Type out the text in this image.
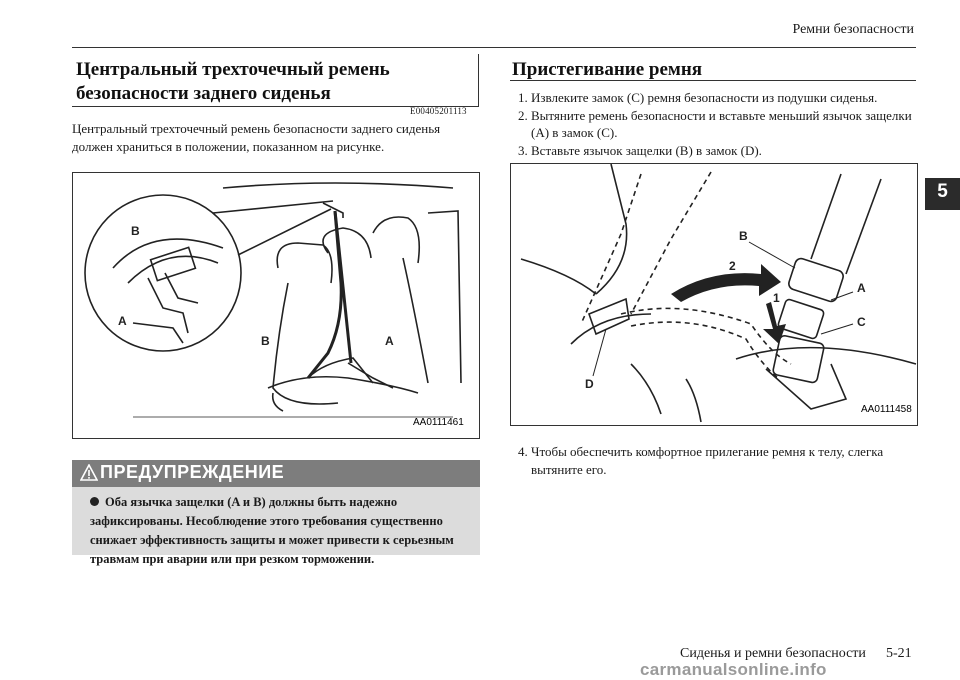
Ремни безопасности
Центральный трехточечный ремень
безопасности заднего сиденья
E00405201113
Центральный трехточечный ремень безопасности заднего сиденья должен храниться в положении, показанном на рисунке.
B
A
B	A
AA0111461
ПРЕДУПРЕЖДЕНИЕ
Оба язычка защелки (A и B) должны быть надежно зафиксированы. Несоблюдение этого требования существенно снижает эффективность защиты и может привести к серьезным травмам при аварии или при резком торможении.
Пристегивание ремня
1. Извлеките замок (C) ремня безопасности из подушки сиденья.
2. Вытяните ремень безопасности и вставьте меньший язычок защелки (A) в замок (C).
3. Вставьте язычок защелки (B) в замок (D).
B
2
1
A
C
D
AA0111458
4. Чтобы обеспечить комфортное прилегание ремня к телу, слегка вытяните его.
5
Сиденья и ремни безопасности 5-21
carmanualsonline.info
